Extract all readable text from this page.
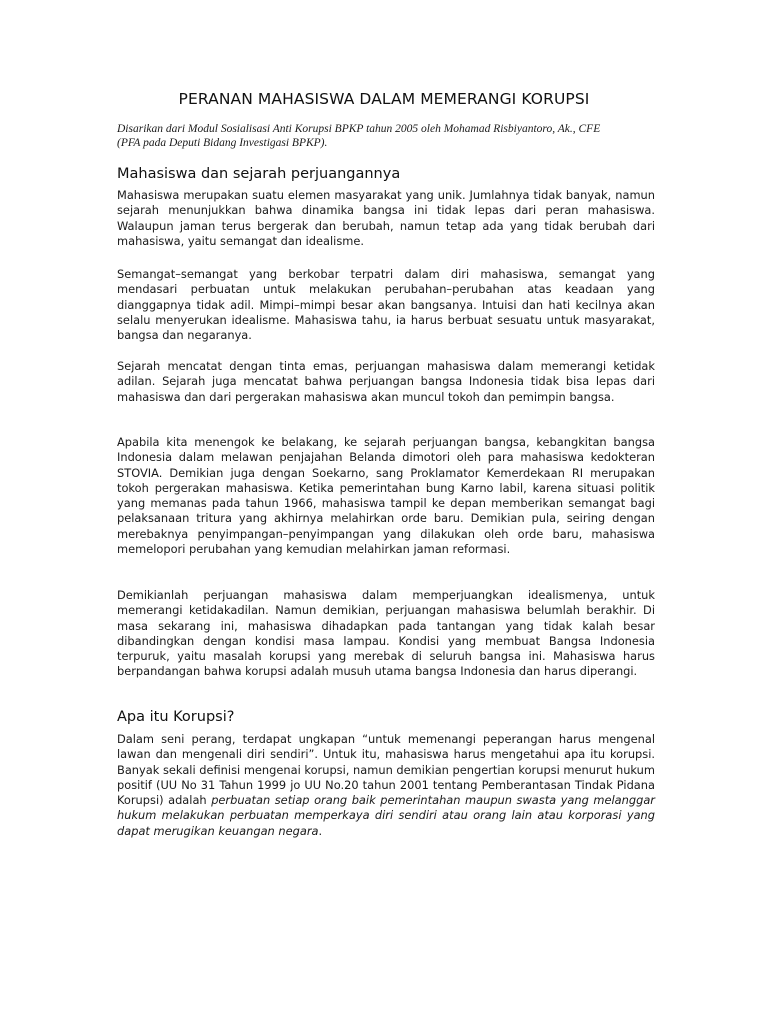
PERANAN MAHASISWA DALAM MEMERANGI KORUPSI
Disarikan dari Modul Sosialisasi Anti Korupsi BPKP tahun 2005 oleh Mohamad Risbiyantoro, Ak., CFE
(PFA pada Deputi Bidang Investigasi BPKP).
Mahasiswa dan sejarah perjuangannya

Mahasiswa merupakan suatu elemen masyarakat yang unik. Jumlahnya tidak banyak, namun sejarah menunjukkan bahwa dinamika bangsa ini tidak lepas dari peran mahasiswa. Walaupun jaman terus bergerak dan berubah, namun tetap ada yang tidak berubah dari mahasiswa, yaitu semangat dan idealisme.

Semangat–semangat yang berkobar terpatri dalam diri mahasiswa, semangat yang mendasari perbuatan untuk melakukan perubahan–perubahan atas keadaan yang dianggapnya tidak adil. Mimpi–mimpi besar akan bangsanya. Intuisi dan hati kecilnya akan selalu menyerukan idealisme. Mahasiswa tahu, ia harus berbuat sesuatu untuk masyarakat, bangsa dan negaranya.

Sejarah mencatat dengan tinta emas, perjuangan mahasiswa dalam memerangi ketidak adilan. Sejarah juga mencatat bahwa perjuangan bangsa Indonesia tidak bisa lepas dari mahasiswa dan dari pergerakan mahasiswa akan muncul tokoh dan pemimpin bangsa.

Apabila kita menengok ke belakang, ke sejarah perjuangan bangsa, kebangkitan bangsa Indonesia dalam melawan penjajahan Belanda dimotori oleh para mahasiswa kedokteran STOVIA. Demikian juga dengan Soekarno, sang Proklamator Kemerdekaan RI merupakan tokoh pergerakan mahasiswa. Ketika pemerintahan bung Karno labil, karena situasi politik yang memanas pada tahun 1966, mahasiswa tampil ke depan memberikan semangat bagi pelaksanaan tritura yang akhirnya melahirkan orde baru. Demikian pula, seiring dengan merebaknya penyimpangan–penyimpangan yang dilakukan oleh orde baru, mahasiswa memelopori perubahan yang kemudian melahirkan jaman reformasi.

Demikianlah perjuangan mahasiswa dalam memperjuangkan idealismenya, untuk memerangi ketidakadilan. Namun demikian, perjuangan mahasiswa belumlah berakhir. Di masa sekarang ini, mahasiswa dihadapkan pada tantangan yang tidak kalah besar dibandingkan dengan kondisi masa lampau. Kondisi yang membuat Bangsa Indonesia terpuruk, yaitu masalah korupsi yang merebak di seluruh bangsa ini. Mahasiswa harus berpandangan bahwa korupsi adalah musuh utama bangsa Indonesia dan harus diperangi.

Apa itu Korupsi?

Dalam seni perang, terdapat ungkapan “untuk memenangi peperangan harus mengenal lawan dan mengenali diri sendiri”. Untuk itu, mahasiswa harus mengetahui apa itu korupsi. Banyak sekali definisi mengenai korupsi, namun demikian pengertian korupsi menurut hukum positif (UU No 31 Tahun 1999 jo UU No.20 tahun 2001 tentang Pemberantasan Tindak Pidana Korupsi) adalah perbuatan setiap orang baik pemerintahan maupun swasta yang melanggar hukum melakukan perbuatan memperkaya diri sendiri atau orang lain atau korporasi yang dapat merugikan keuangan negara.
